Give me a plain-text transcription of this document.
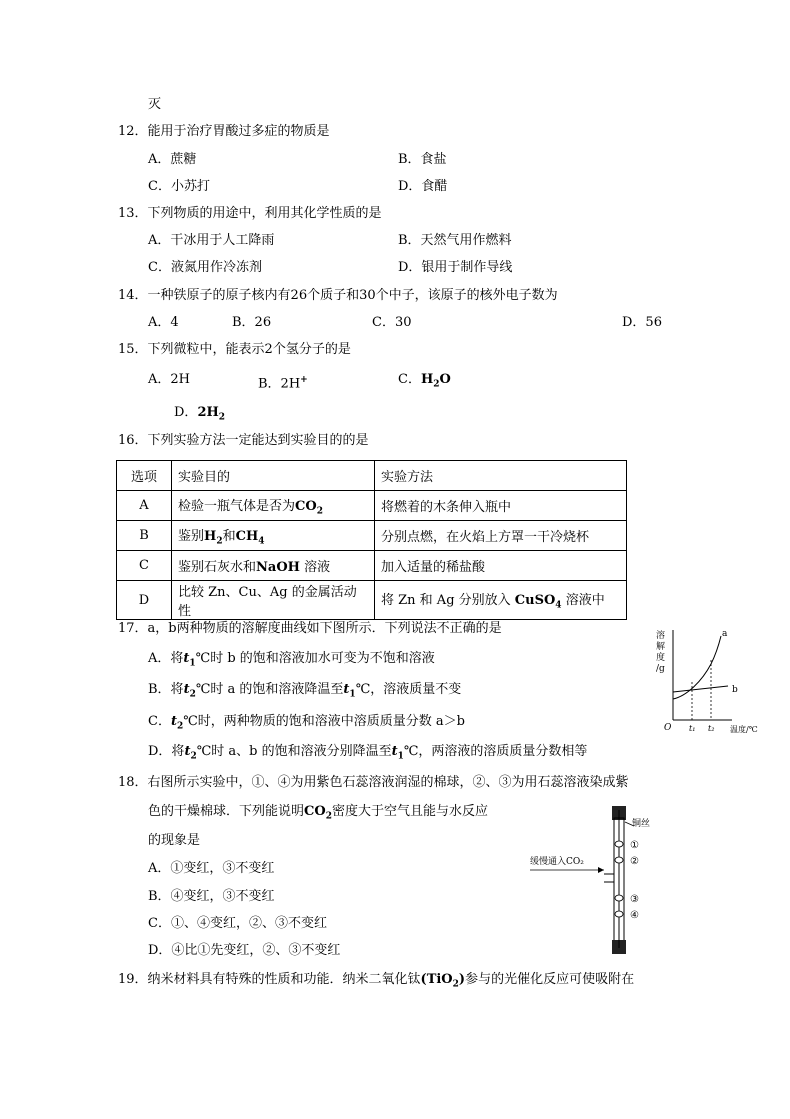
灭
12．能用于治疗胃酸过多症的物质是
A．蔗糖	B．食盐
C．小苏打	D．食醋
13．下列物质的用途中，利用其化学性质的是
A．干冰用于人工降雨	B．天然气用作燃料
C．液氮用作冷冻剂	D．银用于制作导线
14．一种铁原子的原子核内有26个质子和30个中子，该原子的核外电子数为
A．4	B．26	C．30	D．56
15．下列微粒中，能表示2个氢分子的是
A．2H	B．2H+	C．$H_2O$
D．$2H_2$
16．下列实验方法一定能达到实验目的的是
选项	实验目的	实验方法
A	检验一瓶气体是否为$CO_2$	将燃着的木条伸入瓶中
B	鉴别$H_2$和$CH_4$	分别点燃，在火焰上方罩一干冷烧杯
C	鉴别石灰水和NaOH 溶液	加入适量的稀盐酸
D	比较 Zn、Cu、Ag 的金属活动性	将 Zn 和 Ag 分别放入 CuSO$_4$ 溶液中
17．a，b两种物质的溶解度曲线如下图所示．下列说法不正确的是
A．将$t_1℃$时 b 的饱和溶液加水可变为不饱和溶液
B．将$t_2℃$时 a 的饱和溶液降温至$t_1℃$，溶液质量不变
C．$t_2℃$时，两种物质的饱和溶液中溶质质量分数 a＞b
D．将$t_2℃$时 a、b 的饱和溶液分别降温至$t_1℃$，两溶液的溶质质量分数相等
溶
解
度
/g
O	温度/℃
t₁ t₂
a
b
18．右图所示实验中，①、④为用紫色石蕊溶液润湿的棉球，②、③为用石蕊溶液染成紫
色的干燥棉球．下列能说明$CO_2$密度大于空气且能与水反应
的现象是
A．①变红，③不变红
B．④变红，③不变红
C．①、④变红，②、③不变红
D．④比①先变红，②、③不变红
铜丝
缓慢通入CO₂
①
②
③
④
19．纳米材料具有特殊的性质和功能．纳米二氧化钛(TiO$_2$)参与的光催化反应可使吸附在
